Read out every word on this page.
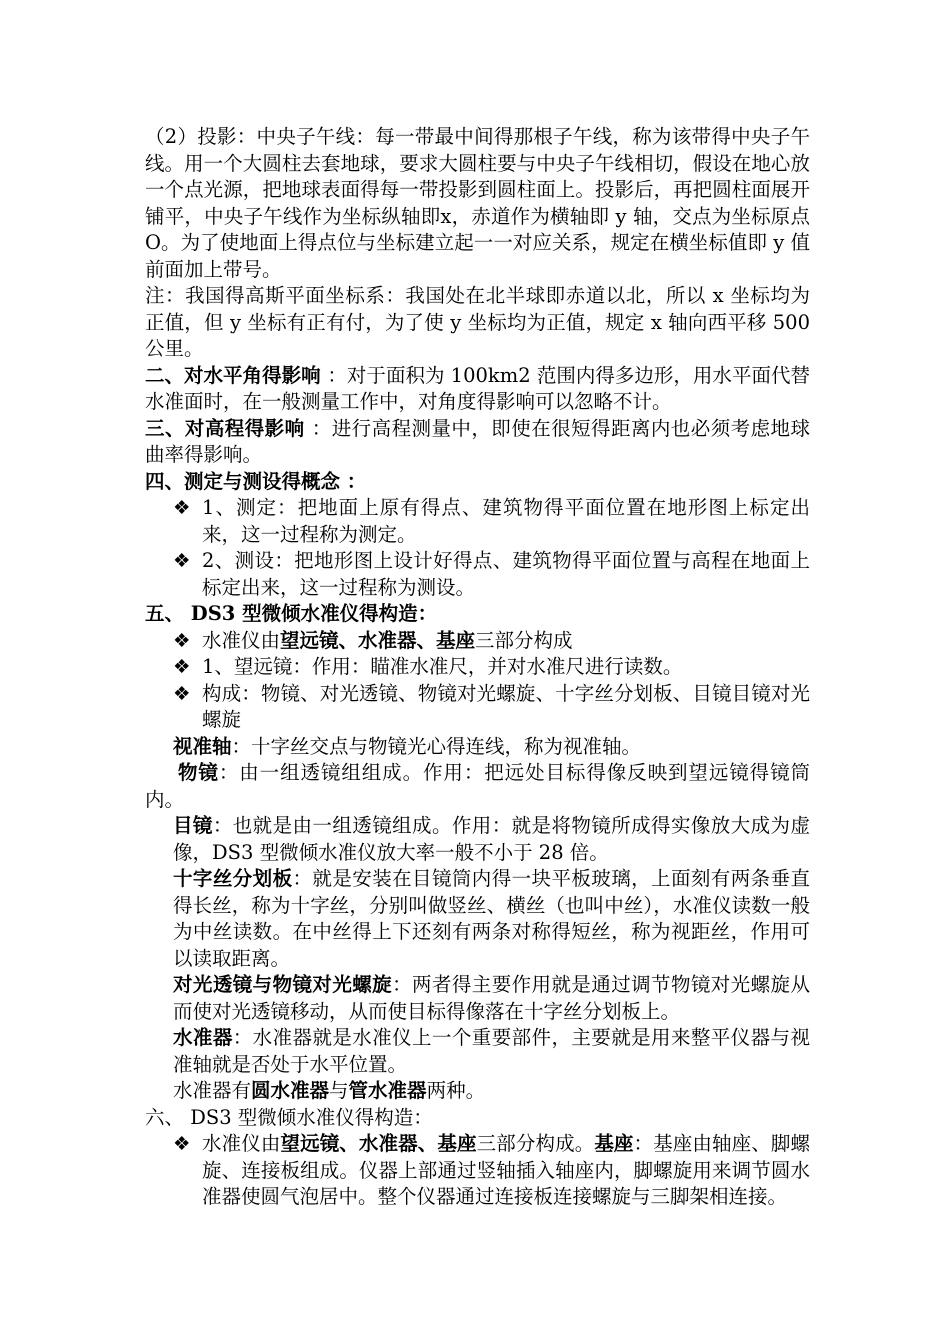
（2）投影：中央子午线：每一带最中间得那根子午线，称为该带得中央子午线。用一个大圆柱去套地球，要求大圆柱要与中央子午线相切，假设在地心放一个点光源，把地球表面得每一带投影到圆柱面上。投影后，再把圆柱面展开铺平，中央子午线作为坐标纵轴即x，赤道作为横轴即 y 轴，交点为坐标原点 O。为了使地面上得点位与坐标建立起一一对应关系，规定在横坐标值即 y 值前面加上带号。

注：我国得高斯平面坐标系：我国处在北半球即赤道以北，所以 x 坐标均为正值，但 y 坐标有正有付，为了使 y 坐标均为正值，规定 x 轴向西平移 500 公里。

二、对水平角得影响 ：对于面积为 100km2 范围内得多边形，用水平面代替水准面时，在一般测量工作中，对角度得影响可以忽略不计。

三、对高程得影响 ：进行高程测量中，即使在很短得距离内也必须考虑地球曲率得影响。

四、测定与测设得概念 ：

❖ 1、测定：把地面上原有得点、建筑物得平面位置在地形图上标定出来，这一过程称为测定。

❖ 2、测设：把地形图上设计好得点、建筑物得平面位置与高程在地面上标定出来，这一过程称为测设。

五、 DS3 型微倾水准仪得构造：

❖ 水准仪由望远镜、水准器、基座三部分构成

❖ 1、望远镜：作用：瞄准水准尺，并对水准尺进行读数。

❖ 构成：物镜、对光透镜、物镜对光螺旋、十字丝分划板、目镜目镜对光螺旋

视准轴：十字丝交点与物镜光心得连线，称为视准轴。

物镜：由一组透镜组组成。作用：把远处目标得像反映到望远镜得镜筒内。

目镜：也就是由一组透镜组成。作用：就是将物镜所成得实像放大成为虚像，DS3 型微倾水准仪放大率一般不小于 28 倍。

十字丝分划板：就是安装在目镜筒内得一块平板玻璃，上面刻有两条垂直得长丝，称为十字丝，分别叫做竖丝、横丝（也叫中丝），水准仪读数一般为中丝读数。在中丝得上下还刻有两条对称得短丝，称为视距丝，作用可以读取距离。

对光透镜与物镜对光螺旋：两者得主要作用就是通过调节物镜对光螺旋从而使对光透镜移动，从而使目标得像落在十字丝分划板上。

水准器：水准器就是水准仪上一个重要部件，主要就是用来整平仪器与视准轴就是否处于水平位置。

水准器有圆水准器与管水准器两种。

六、 DS3 型微倾水准仪得构造：

❖ 水准仪由望远镜、水准器、基座三部分构成。基座：基座由轴座、脚螺旋、连接板组成。仪器上部通过竖轴插入轴座内，脚螺旋用来调节圆水准器使圆气泡居中。整个仪器通过连接板连接螺旋与三脚架相连接。
